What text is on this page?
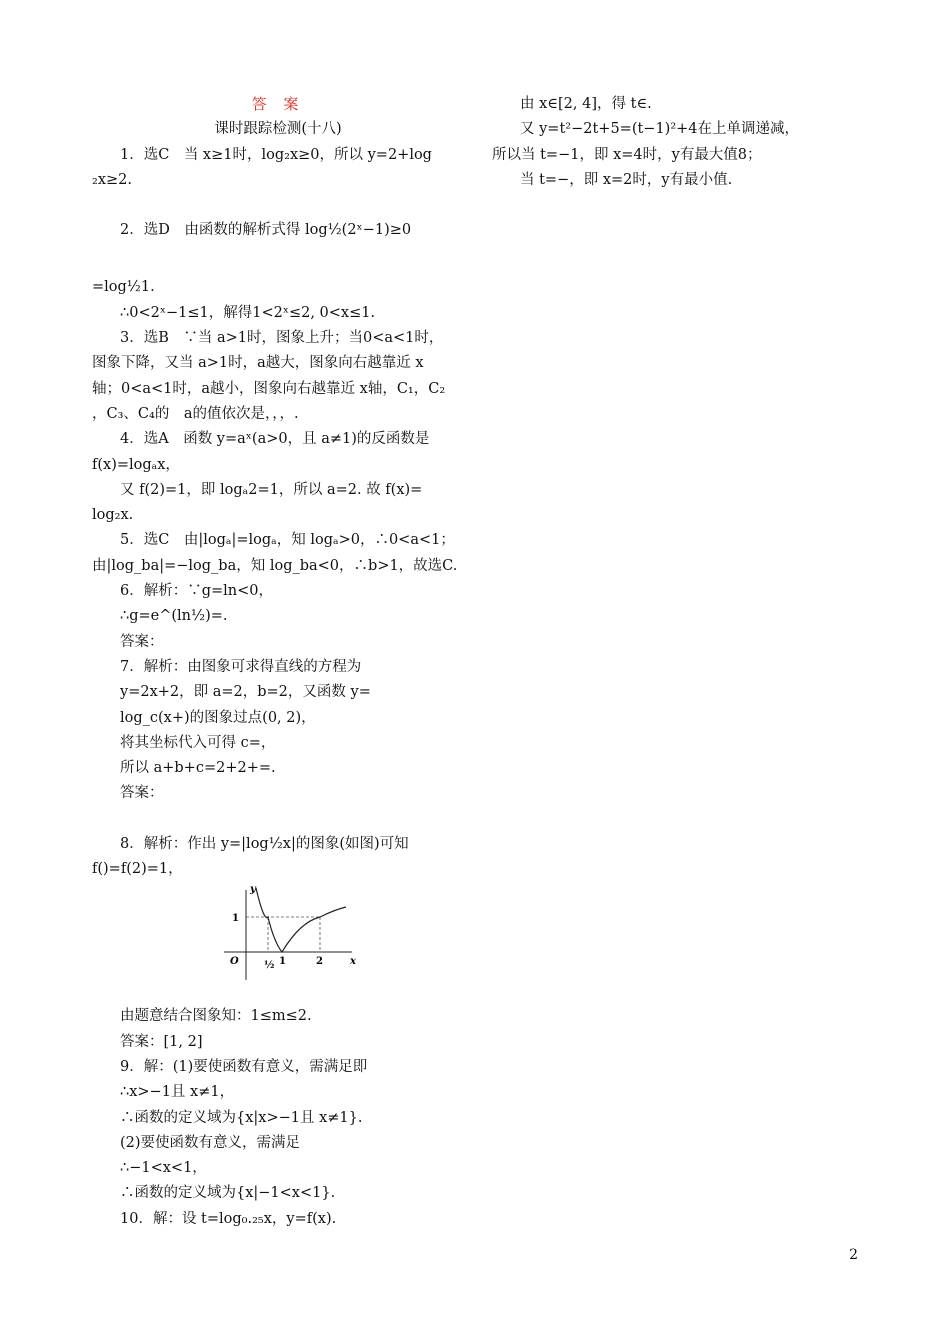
答 案
课时跟踪检测(十八)
1．选C　当 x≥1时，log₂x≥0，所以 y=2+log
₂x≥2.
2．选D　由函数的解析式得 log½(2ˣ−1)≥0
=log½1.
∴0<2ˣ−1≤1，解得1<2ˣ≤2, 0<x≤1.
3．选B　∵当 a>1时，图象上升；当0<a<1时，
图象下降，又当 a>1时，a越大，图象向右越靠近 x
轴；0<a<1时，a越小，图象向右越靠近 x轴，C₁，C₂
，C₃、C₄的　a的值依次是，，，.
4．选A　函数 y=aˣ(a>0，且 a≠1)的反函数是
f(x)=logₐx，
又 f(2)=1，即 logₐ2=1，所以 a=2. 故 f(x)=
log₂x.
5．选C　由|logₐ|=logₐ，知 logₐ>0，∴0<a<1；
由|log_ba|=−log_ba，知 log_ba<0，∴b>1，故选C.
6．解析：∵g=ln<0，
∴g=e^(ln½)=.
答案：
7．解析：由图象可求得直线的方程为
y=2x+2，即 a=2，b=2，又函数 y=
log_c(x+)的图象过点(0, 2)，
将其坐标代入可得 c=，
所以 a+b+c=2+2+=.
答案：
8．解析：作出 y=|log½x|的图象(如图)可知
f()=f(2)=1，
y
x
O
1
½ 1	2
由题意结合图象知：1≤m≤2.
答案：[1, 2]
9．解：(1)要使函数有意义，需满足即
∴x>−1且 x≠1，
∴函数的定义域为{x|x>−1且 x≠1}.
(2)要使函数有意义，需满足
∴−1<x<1，
∴函数的定义域为{x|−1<x<1}.
10．解：设 t=log₀.₂₅x，y=f(x).
由 x∈[2, 4]，得 t∈.
又 y=t²−2t+5=(t−1)²+4在上单调递减，
所以当 t=−1，即 x=4时，y有最大值8；
当 t=−，即 x=2时，y有最小值.
2
